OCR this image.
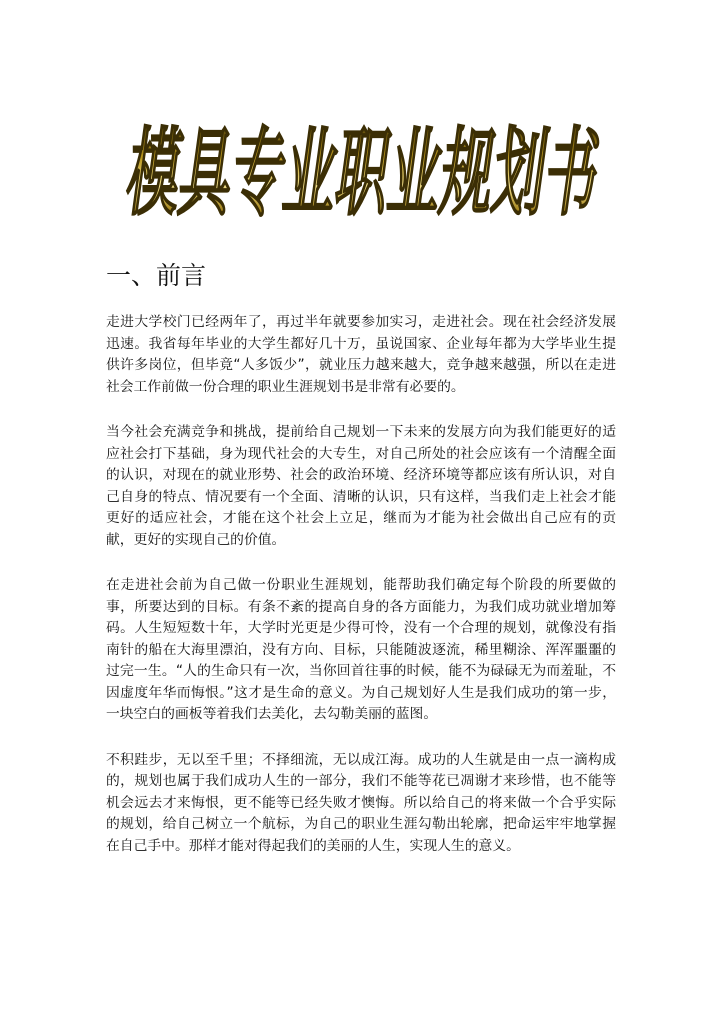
模具专业职业规划书
一、前言

走进大学校门已经两年了，再过半年就要参加实习，走进社会。现在社会经济发展迅速。我省每年毕业的大学生都好几十万，虽说国家、企业每年都为大学毕业生提供许多岗位，但毕竟“人多饭少”，就业压力越来越大，竞争越来越强，所以在走进社会工作前做一份合理的职业生涯规划书是非常有必要的。

当今社会充满竞争和挑战，提前给自己规划一下未来的发展方向为我们能更好的适应社会打下基础，身为现代社会的大专生，对自己所处的社会应该有一个清醒全面的认识，对现在的就业形势、社会的政治环境、经济环境等都应该有所认识，对自己自身的特点、情况要有一个全面、清晰的认识，只有这样，当我们走上社会才能更好的适应社会，才能在这个社会上立足，继而为才能为社会做出自己应有的贡献，更好的实现自己的价值。

在走进社会前为自己做一份职业生涯规划，能帮助我们确定每个阶段的所要做的事，所要达到的目标。有条不紊的提高自身的各方面能力，为我们成功就业增加筹码。人生短短数十年，大学时光更是少得可怜，没有一个合理的规划，就像没有指南针的船在大海里漂泊，没有方向、目标，只能随波逐流，稀里糊涂、浑浑噩噩的过完一生。“人的生命只有一次，当你回首往事的时候，能不为碌碌无为而羞耻，不因虚度年华而悔恨。”这才是生命的意义。为自己规划好人生是我们成功的第一步，一块空白的画板等着我们去美化，去勾勒美丽的蓝图。

不积跬步，无以至千里；不择细流，无以成江海。成功的人生就是由一点一滴构成的，规划也属于我们成功人生的一部分，我们不能等花已凋谢才来珍惜，也不能等机会远去才来悔恨，更不能等已经失败才懊悔。所以给自己的将来做一个合乎实际的规划，给自己树立一个航标，为自己的职业生涯勾勒出轮廓，把命运牢牢地掌握在自己手中。那样才能对得起我们的美丽的人生，实现人生的意义。
